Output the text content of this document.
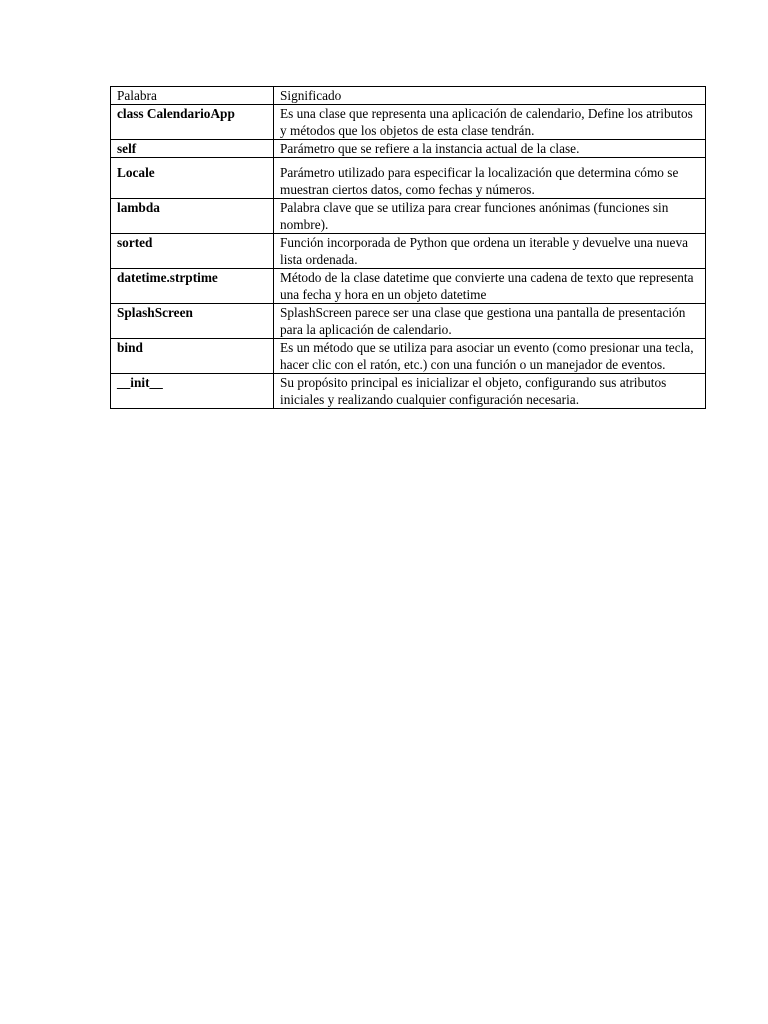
Palabra	Significado
class CalendarioApp	Es una clase que representa una aplicación de calendario, Define los atributos y métodos que los objetos de esta clase tendrán.
self	Parámetro que se refiere a la instancia actual de la clase.
Locale	Parámetro utilizado para especificar la localización que determina cómo se muestran ciertos datos, como fechas y números.
lambda	Palabra clave que se utiliza para crear funciones anónimas (funciones sin nombre).
sorted	Función incorporada de Python que ordena un iterable y devuelve una nueva lista ordenada.
datetime.strptime	Método de la clase datetime que convierte una cadena de texto que representa una fecha y hora en un objeto datetime
SplashScreen	SplashScreen parece ser una clase que gestiona una pantalla de presentación para la aplicación de calendario.
bind	Es un método que se utiliza para asociar un evento (como presionar una tecla, hacer clic con el ratón, etc.) con una función o un manejador de eventos.
__init__	Su propósito principal es inicializar el objeto, configurando sus atributos iniciales y realizando cualquier configuración necesaria.
